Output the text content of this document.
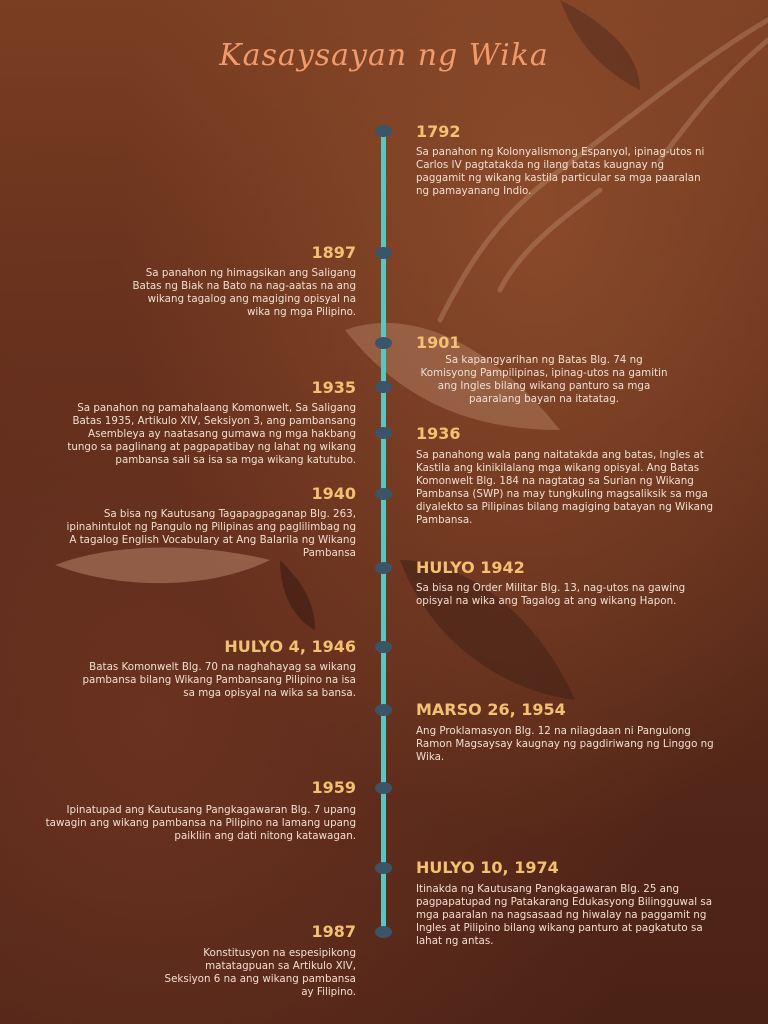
Kasaysayan ng Wika
1792
Sa panahon ng Kolonyalismong Espanyol, ipinag-utos ni Carlos IV pagtatakda ng ilang batas kaugnay ng paggamit ng wikang kastila particular sa mga paaralan ng pamayanang Indio.
1897
Sa panahon ng himagsikan ang Saligang Batas ng Biak na Bato na nag-aatas na ang wikang tagalog ang magiging opisyal na wika ng mga Pilipino.
1901
Sa kapangyarihan ng Batas Blg. 74 ng Komisyong Pampilipinas, ipinag-utos na gamitin ang Ingles bilang wikang panturo sa mga paaralang bayan na itatatag.
1935
Sa panahon ng pamahalaang Komonwelt, Sa Saligang Batas 1935, Artikulo XIV, Seksiyon 3, ang pambansang Asembleya ay naatasang gumawa ng mga hakbang tungo sa paglinang at pagpapatibay ng lahat ng wikang pambansa sali sa isa sa mga wikang katutubo.
1936
Sa panahong wala pang naitatakda ang batas, Ingles at Kastila ang kinikilalang mga wikang opisyal. Ang Batas Komonwelt Blg. 184 na nagtatag sa Surian ng Wikang Pambansa (SWP) na may tungkuling magsaliksik sa mga diyalekto sa Pilipinas bilang magiging batayan ng Wikang Pambansa.
1940
Sa bisa ng Kautusang Tagapagpaganap Blg. 263, ipinahintulot ng Pangulo ng Pilipinas ang paglilimbag ng A tagalog English Vocabulary at Ang Balarila ng Wikang Pambansa
HULYO 1942
Sa bisa ng Order Militar Blg. 13, nag-utos na gawing opisyal na wika ang Tagalog at ang wikang Hapon.
HULYO 4, 1946
Batas Komonwelt Blg. 70 na naghahayag sa wikang pambansa bilang Wikang Pambansang Pilipino na isa sa mga opisyal na wika sa bansa.
MARSO 26, 1954
Ang Proklamasyon Blg. 12 na nilagdaan ni Pangulong Ramon Magsaysay kaugnay ng pagdiriwang ng Linggo ng Wika.
1959
Ipinatupad ang Kautusang Pangkagawaran Blg. 7 upang tawagin ang wikang pambansa na Pilipino na lamang upang paikliin ang dati nitong katawagan.
HULYO 10, 1974
Itinakda ng Kautusang Pangkagawaran Blg. 25 ang pagpapatupad ng Patakarang Edukasyong Bilingguwal sa mga paaralan na nagsasaad ng hiwalay na paggamit ng Ingles at Pilipino bilang wikang panturo at pagkatuto sa lahat ng antas.
1987
Konstitusyon na espesipikong matatagpuan sa Artikulo XIV, Seksiyon 6 na ang wikang pambansa ay Filipino.
